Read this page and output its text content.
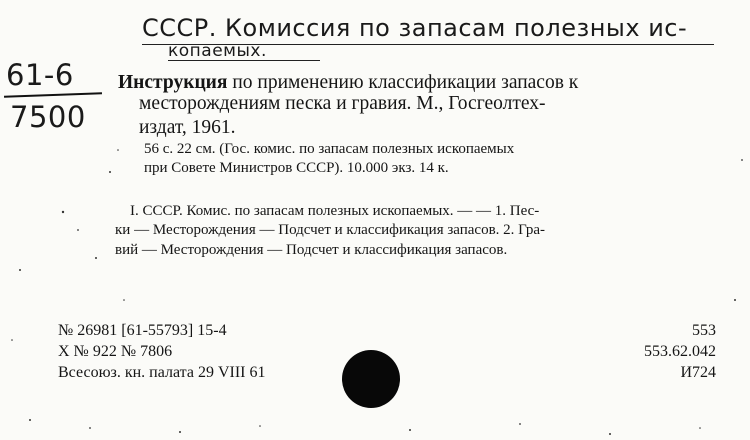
СССР. Комиссия по запасам полезных ис-
копаемых.
61-6
7500
Инструкция по применению классификации запасов к
месторождениям песка и гравия. М., Госгеолтех-
издат, 1961.
56 с. 22 см. (Гос. комис. по запасам полезных ископаемых
при Совете Министров СССР). 10.000 экз. 14 к.
I. СССР. Комис. по запасам полезных ископаемых. — — 1. Пес-
ки — Месторождения — Подсчет и классификация запасов. 2. Гра-
вий — Месторождения — Подсчет и классификация запасов.
№ 26981 [61-55793] 15-4
X № 922 № 7806
Всесоюз. кн. палата 29 VIII 61
553
553.62.042
И724
